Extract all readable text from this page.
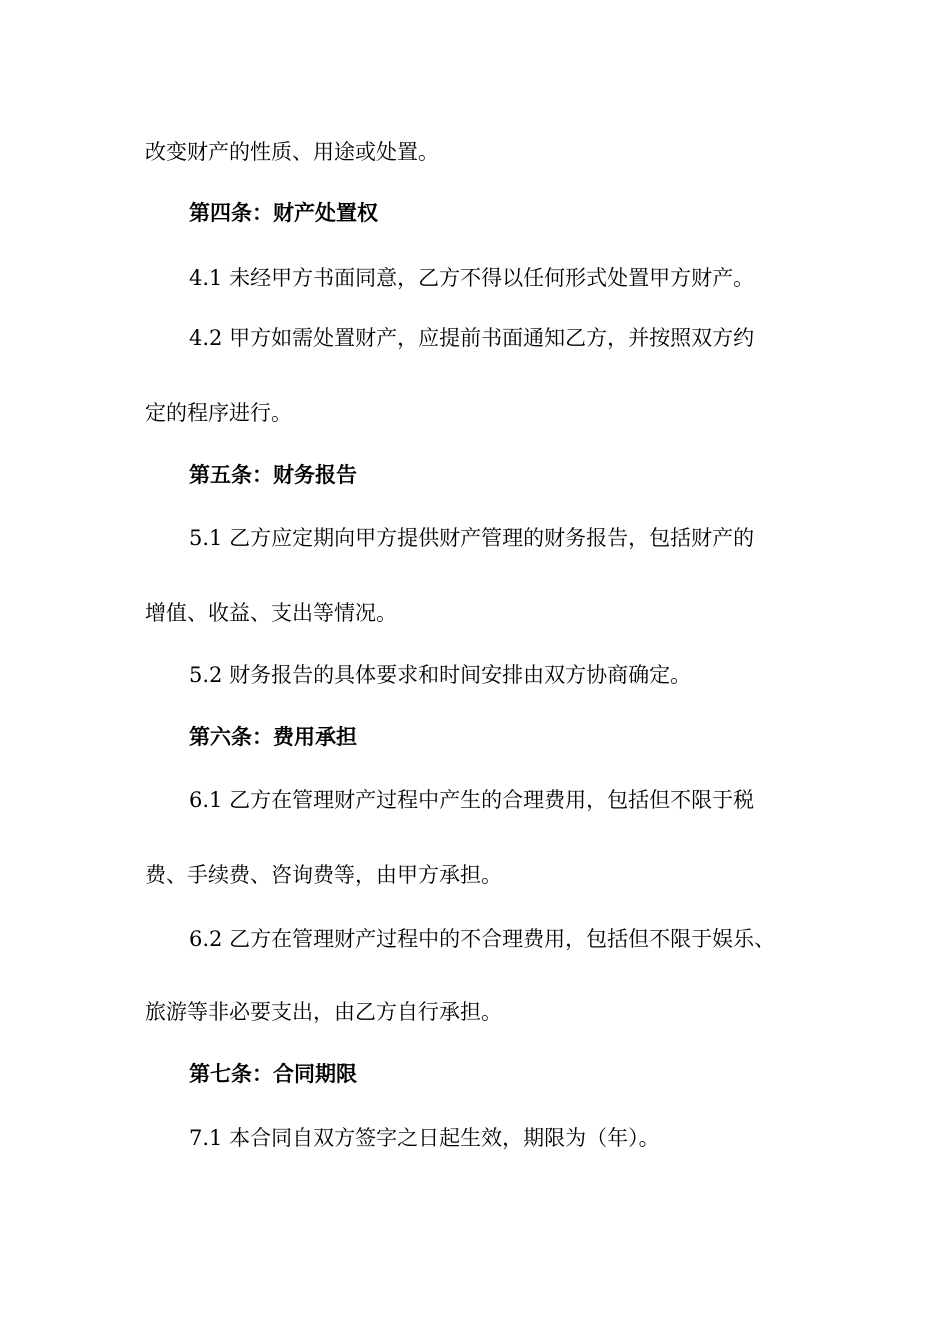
改变财产的性质、用途或处置。

第四条：财产处置权

4.1 未经甲方书面同意，乙方不得以任何形式处置甲方财产。

4.2 甲方如需处置财产，应提前书面通知乙方，并按照双方约

定的程序进行。

第五条：财务报告

5.1 乙方应定期向甲方提供财产管理的财务报告，包括财产的

增值、收益、支出等情况。

5.2 财务报告的具体要求和时间安排由双方协商确定。

第六条：费用承担

6.1 乙方在管理财产过程中产生的合理费用，包括但不限于税

费、手续费、咨询费等，由甲方承担。

6.2 乙方在管理财产过程中的不合理费用，包括但不限于娱乐、

旅游等非必要支出，由乙方自行承担。

第七条：合同期限

7.1 本合同自双方签字之日起生效，期限为（年）。
